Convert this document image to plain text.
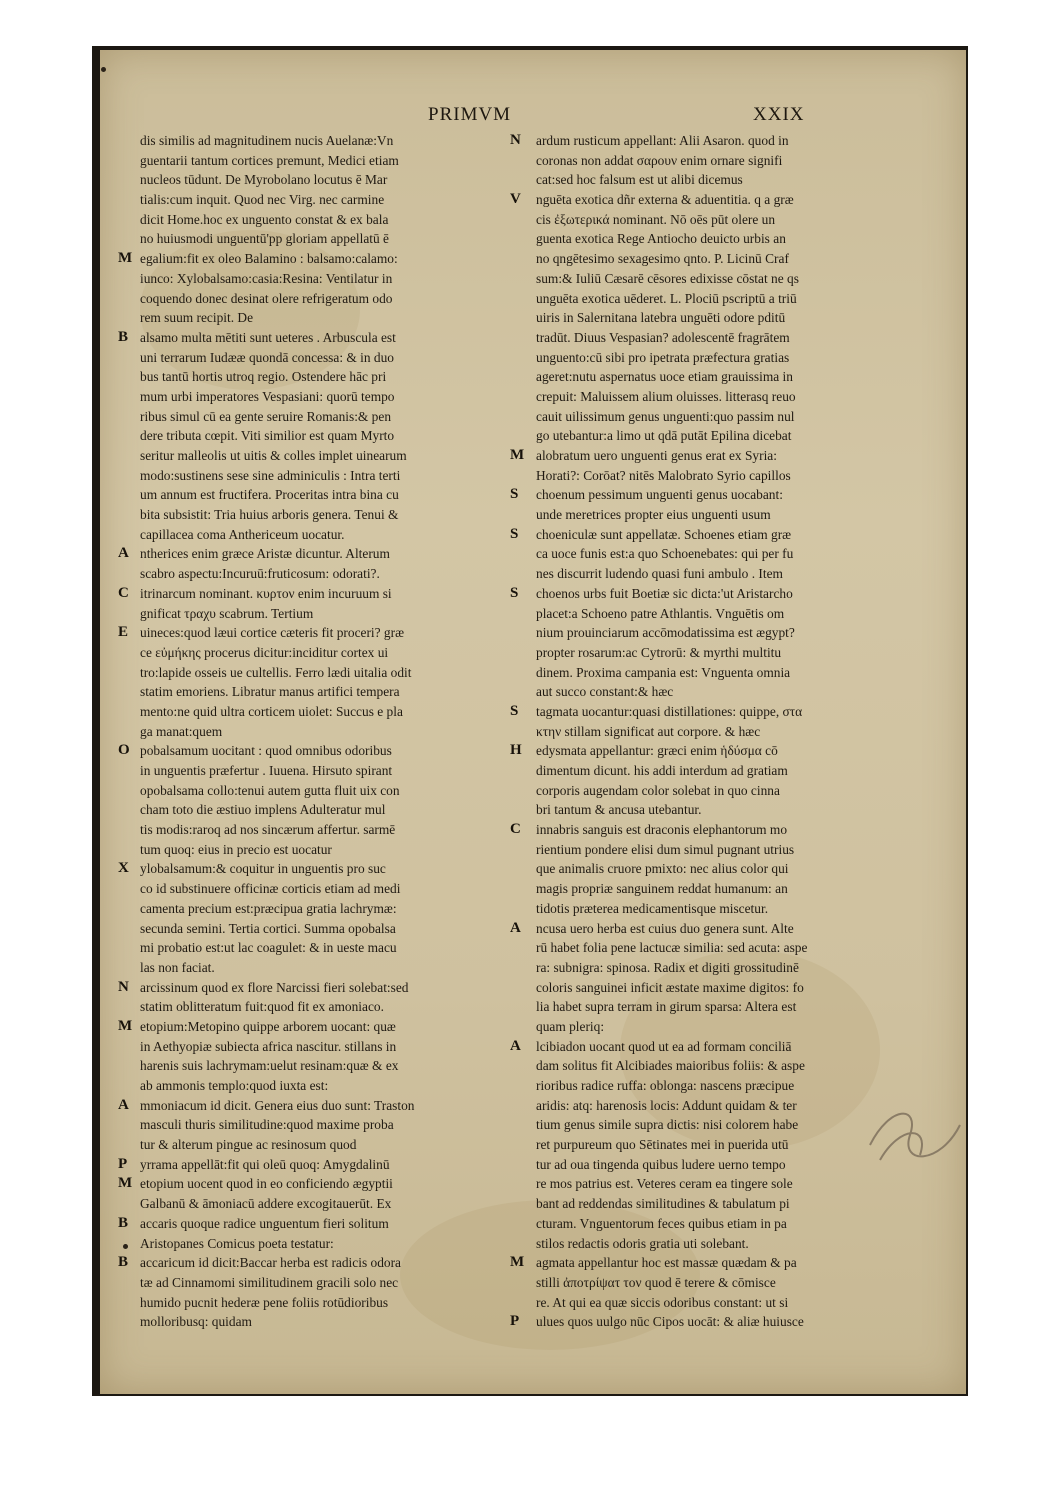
PRIMVM	XXIX
dis similis ad magnitudinem nucis Auelanæ:Vn
guentarii tantum cortices premunt, Medici etiam
nucleos tūdunt. De Myrobolano locutus ē Mar
tialis:cum inquit. Quod nec Virg. nec carmine
dicit Home.hoc ex unguento constat & ex bala
no huiusmodi unguentū'pp gloriam appellatū ē
M egalium:fit ex oleo Balamino : balsamo:calamo:
iunco: Xylobalsamo:casia:Resina: Ventilatur in
coquendo donec desinat olere refrigeratum odo
rem suum recipit. De
B alsamo multa mētiti sunt ueteres . Arbuscula est
uni terrarum Iudææ quondā concessa: & in duo
bus tantū hortis utroq regio. Ostendere hāc pri
mum urbi imperatores Vespasiani: quorū tempo
ribus simul cū ea gente seruire Romanis:& pen
dere tributa cœpit. Viti similior est quam Myrto
seritur malleolis ut uitis & colles implet uinearum
modo:sustinens sese sine adminiculis : Intra terti
um annum est fructifera. Proceritas intra bina cu
bita subsistit: Tria huius arboris genera. Tenui &
capillacea coma Anthericeum uocatur.
A ntherices enim græce Aristæ dicuntur. Alterum
scabro aspectu:Incuruū:fruticosum: odorati?.
C itrinarcum nominant. κυρτον enim incuruum si
gnificat τραχυ scabrum. Tertium
E uineces:quod læui cortice cæteris fit proceri? græ
ce εὐμήκης procerus dicitur:inciditur cortex ui
tro:lapide osseis ue cultellis. Ferro lædi uitalia odit
statim emoriens. Libratur manus artifici tempera
mento:ne quid ultra corticem uiolet: Succus e pla
ga manat:quem
O pobalsamum uocitant : quod omnibus odoribus
in unguentis præfertur . Iuuena. Hirsuto spirant
opobalsama collo:tenui autem gutta fluit uix con
cham toto die æstiuo implens Adulteratur mul
tis modis:raroq ad nos sincærum affertur. sarmē
tum quoq: eius in precio est uocatur
X ylobalsamum:& coquitur in unguentis pro suc
co id substinuere officinæ corticis etiam ad medi
camenta precium est:præcipua gratia lachrymæ:
secunda semini. Tertia cortici. Summa opobalsa
mi probatio est:ut lac coagulet: & in ueste macu
las non faciat.
N arcissinum quod ex flore Narcissi fieri solebat:sed
statim oblitteratum fuit:quod fit ex amoniaco.
M etopium:Metopino quippe arborem uocant: quæ
in Aethyopiæ subiecta africa nascitur. stillans in
harenis suis lachrymam:uelut resinam:quæ & ex
ab ammonis templo:quod iuxta est:
A mmoniacum id dicit. Genera eius duo sunt: Traston
masculi thuris similitudine:quod maxime proba
tur & alterum pingue ac resinosum quod
P yrrama appellāt:fit qui oleū quoq: Amygdalinū
M etopium uocent quod in eo conficiendo ægyptii
Galbanū & āmoniacū addere excogitauerūt. Ex
B accaris quoque radice unguentum fieri solitum
Aristopanes Comicus poeta testatur:
B accaricum id dicit:Baccar herba est radicis odora
tæ ad Cinnamomi similitudinem gracili solo nec
humido pucnit hederæ pene foliis rotūdioribus
molloribusq: quidam
N ardum rusticum appellant: Alii Asaron. quod in
coronas non addat σαρουν enim ornare signifi
cat:sed hoc falsum est ut alibi dicemus
V nguēta exotica dñr externa & aduentitia. q a græ
cis ἐξωτερικά nominant. Nō oēs pūt olere un
guenta exotica Rege Antiocho deuicto urbis an
no qngētesimo sexagesimo qnto. P. Licinū Craf
sum:& Iuliū Cæsarē cēsores edixisse cōstat ne qs
unguēta exotica uēderet. L. Plociū pscriptū a triū
uiris in Salernitana latebra unguēti odore pditū
tradūt. Diuus Vespasian? adolescentē fragrātem
unguento:cū sibi pro ipetrata præfectura gratias
ageret:nutu aspernatus uoce etiam grauissima in
crepuit: Maluissem alium oluisses. litterasq reuo
cauit uilissimum genus unguenti:quo passim nul
go utebantur:a limo ut qdā putāt Epilina dicebat
M alobratum uero unguenti genus erat ex Syria:
Horati?: Corōat? nitēs Malobrato Syrio capillos
S choenum pessimum unguenti genus uocabant:
unde meretrices propter eius unguenti usum
S choeniculæ sunt appellatæ. Schoenes etiam græ
ca uoce funis est:a quo Schoenebates: qui per fu
nes discurrit ludendo quasi funi ambulo . Item
S choenos urbs fuit Boetiæ sic dicta:'ut Aristarcho
placet:a Schoeno patre Athlantis. Vnguētis om
nium prouinciarum accōmodatissima est ægypt?
propter rosarum:ac Cytrorū: & myrthi multitu
dinem. Proxima campania est: Vnguenta omnia
aut succo constant:& hæc
S tagmata uocantur:quasi distillationes: quippe, στα
κτην stillam significat aut corpore. & hæc
H edysmata appellantur: græci enim ἡδύσμα cō
dimentum dicunt. his addi interdum ad gratiam
corporis augendam color solebat in quo cinna
bri tantum & ancusa utebantur.
C innabris sanguis est draconis elephantorum mo
rientium pondere elisi dum simul pugnant utrius
que animalis cruore pmixto: nec alius color qui
magis propriæ sanguinem reddat humanum: an
tidotis præterea medicamentisque miscetur.
A ncusa uero herba est cuius duo genera sunt. Alte
rū habet folia pene lactucæ similia: sed acuta: aspe
ra: subnigra: spinosa. Radix et digiti grossitudinē
coloris sanguinei inficit æstate maxime digitos: fo
lia habet supra terram in girum sparsa: Altera est
quam pleriq:
A lcibiadon uocant quod ut ea ad formam conciliā
dam solitus fit Alcibiades maioribus foliis: & aspe
rioribus radice ruffa: oblonga: nascens præcipue
aridis: atq: harenosis locis: Addunt quidam & ter
tium genus simile supra dictis: nisi colorem habe
ret purpureum quo Sētinates mei in puerida utū
tur ad oua tingenda quibus ludere uerno tempo
re mos patrius est. Veteres ceram ea tingere sole
bant ad reddendas similitudines & tabulatum pi
cturam. Vnguentorum feces quibus etiam in pa
stilos redactis odoris gratia uti solebant.
M agmata appellantur hoc est massæ quædam & pa
stilli ἀποτρίψατ τον quod ē terere & cōmisce
re. At qui ea quæ siccis odoribus constant: ut si
P ulues quos uulgo nūc Cipos uocāt: & aliæ huiusce
